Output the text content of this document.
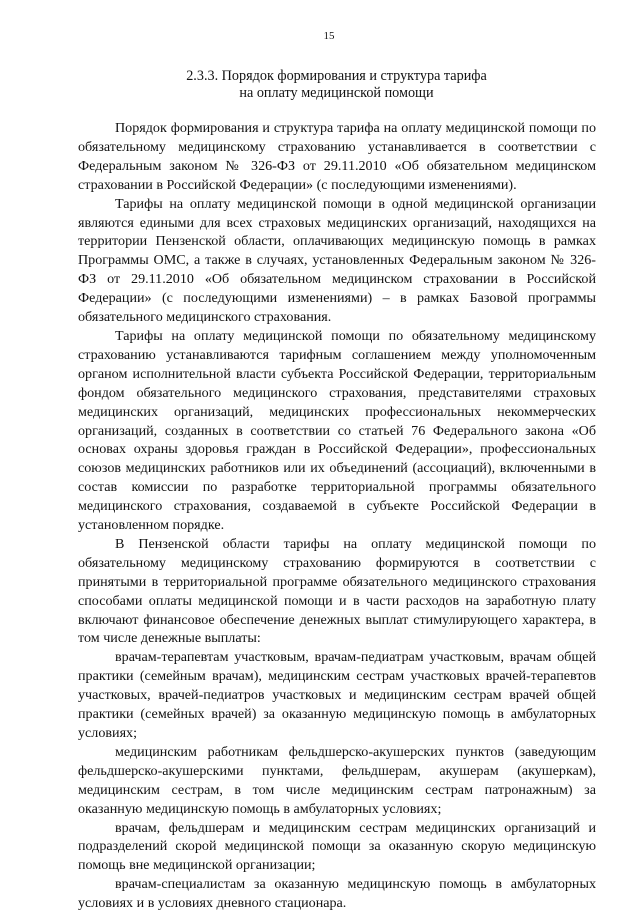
15
2.3.3. Порядок формирования и структура тарифа
на оплату медицинской помощи

Порядок формирования и структура тарифа на оплату медицинской помощи по обязательному медицинскому страхованию устанавливается в соответствии с Федеральным законом № 326-ФЗ от 29.11.2010 «Об обязательном медицинском страховании в Российской Федерации» (с последующими изменениями).

Тарифы на оплату медицинской помощи в одной медицинской организации являются едиными для всех страховых медицинских организаций, находящихся на территории Пензенской области, оплачивающих медицинскую помощь в рамках Программы ОМС, а также в случаях, установленных Федеральным законом № 326-ФЗ от 29.11.2010 «Об обязательном медицинском страховании в Российской Федерации» (с последующими изменениями) – в рамках Базовой программы обязательного медицинского страхования.

Тарифы на оплату медицинской помощи по обязательному медицинскому страхованию устанавливаются тарифным соглашением между уполномоченным органом исполнительной власти субъекта Российской Федерации, территориальным фондом обязательного медицинского страхования, представителями страховых медицинских организаций, медицинских профессиональных некоммерческих организаций, созданных в соответствии со статьей 76 Федерального закона «Об основах охраны здоровья граждан в Российской Федерации», профессиональных союзов медицинских работников или их объединений (ассоциаций), включенными в состав комиссии по разработке территориальной программы обязательного медицинского страхования, создаваемой в субъекте Российской Федерации в установленном порядке.

В Пензенской области тарифы на оплату медицинской помощи по обязательному медицинскому страхованию формируются в соответствии с принятыми в территориальной программе обязательного медицинского страхования способами оплаты медицинской помощи и в части расходов на заработную плату включают финансовое обеспечение денежных выплат стимулирующего характера, в том числе денежные выплаты:

врачам-терапевтам участковым, врачам-педиатрам участковым, врачам общей практики (семейным врачам), медицинским сестрам участковых врачей-терапевтов участковых, врачей-педиатров участковых и медицинским сестрам врачей общей практики (семейных врачей) за оказанную медицинскую помощь в амбулаторных условиях;

медицинским работникам фельдшерско-акушерских пунктов (заведующим фельдшерско-акушерскими пунктами, фельдшерам, акушерам (акушеркам), медицинским сестрам, в том числе медицинским сестрам патронажным) за оказанную медицинскую помощь в амбулаторных условиях;

врачам, фельдшерам и медицинским сестрам медицинских организаций и подразделений скорой медицинской помощи за оказанную скорую медицинскую помощь вне медицинской организации;

врачам-специалистам за оказанную медицинскую помощь в амбулаторных условиях и в условиях дневного стационара.
